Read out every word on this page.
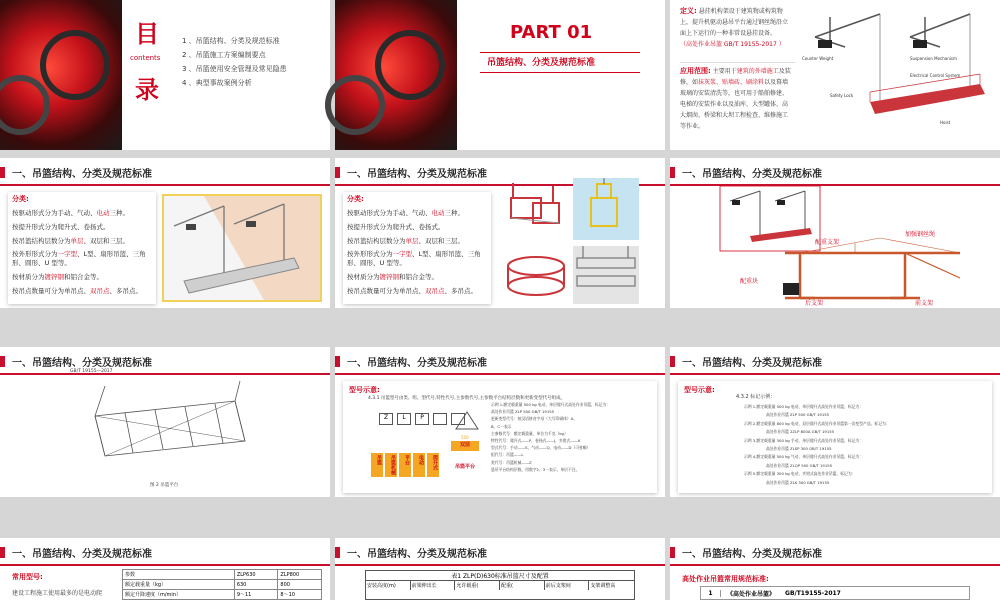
目
contents
录
1 、吊篮结构、分类及规范标准
2 、吊篮施工方案编制要点
3 、吊篮使用安全管理及常见隐患
4 、典型事故案例分析
PART 01
吊篮结构、分类及规范标准
定义: 悬挂机构架设于建筑物或构筑物上，提升机驱动悬吊平台通过钢丝绳沿立面上下运行的一种非常设悬挂设备。
（高处作业吊篮 GB/T 19155-2017 ）
应用范围: 主要用于建筑的外墙施工及装修，如抹灰浆、贴墙砖、刷涂料以及幕墙玻璃的安装清洗等，也可用于船舶修建、电梯的安装作业以及油库、大型罐体、高大烟囱、桥梁和大坝工程检查、维修施工等作业。
Counter Weight	Suspension Mechanism
Safety Lock
Electrical Control System
Hoist
一、吊篮结构、分类及规范标准
分类:
按驱动形式分为手动、气动、电动三种。
按提升形式分为爬升式、卷扬式。
按吊篮结构层数分为单层、双层和三层。
按外形形式分为一字型、L型、扇形吊篮、三角形、圆形、U 型等。
按材质分为镀锌钢和铝合金等。
按吊点数量可分为单吊点、双吊点、多吊点。
一、吊篮结构、分类及规范标准
分类:
按驱动形式分为手动、气动、电动三种。
按提升形式分为爬升式、卷扬式。
按吊篮结构层数分为单层、双层和三层。
按外形形式分为一字型、L型、扇形吊篮、三角形、圆形、U 型等。
按材质分为镀锌钢和铝合金等。
按吊点数量可分为单吊点、双吊点、多吊点。
一、吊篮结构、分类及规范标准
加强钢丝绳
配重支架
配重块
后支架	前支架
一、吊篮结构、分类及规范标准
GB/T 19155—2017
图 2 吊篮平台
一、吊篮结构、分类及规范标准
型号示意:
4.3.1 吊篮型号由类、组、型代号,特性代号,主参数代号,主参数平台结构层数和更新变型代号组成。
Z	L	P
500
吊篮	吊篮机械	平台	电动	爬升式
双层
示例 1.额定载重量 500 kg 电动，单层爬升式高处作业吊篮，标记为：
高处作业吊篮 ZLP 500 GB/T 19155
更新变型代号：按汉语拼音字母（大写印刷体）A、
B、C一表示
主参数代号：额定载重量，单位为千克（kg）
特性代号：爬升式——P，卷扬式——J，夹钳式——K
型式代号：手动——S，气动——Q，电动——D（可省略）
组代号：吊篮——L
类代号：吊篮机械——Z
悬吊平台结构层数，用数字2、3一表示，单层不注。
吊篮平台
一、吊篮结构、分类及规范标准
型号示意:
4.3.2 标记示例：
示例 1.额定载重量 500 kg 电动，单层爬升式高处作业吊篮，标记为：
高处作业吊篮 ZLP 500 GB/T 19155
示例 2.额定载重量 800 kg 电动，双层爬升式高处作业吊篮第一次变型产品，标记为：
高处作业吊篮 2ZLP 800A GB/T 19155
示例 3.额定载重量 300 kg 手动，单层爬升式高处作业吊篮，标记为：
高处作业吊篮 ZLSP 300 GB/T 19155
示例 4.额定载重量 500 kg 气动，单层爬升式高处作业吊篮，标记为：
高处作业吊篮 ZLQP 500 GB/T 19155
示例 5.额定载重量 300 kg 电动，夹钳式高处作业吊篮，标记为：
高处作业吊篮 ZLK 300 GB/T 19155
一、吊篮结构、分类及规范标准
常用型号:
建设工程施工使用最多的是电动爬
参数	ZLP630	ZLP800
额定载重量（kg）	630	800
额定升降速度（m/min）	9～11	8～10
一、吊篮结构、分类及规范标准
表1 ZLP(D)630标准吊篮尺寸及配置
安装高度(m)	前梁伸出长	允许载重(	配重(	前后支架间	支架调整高
一、吊篮结构、分类及规范标准
高处作业吊篮常用规范标准:
1	《高处作业吊篮》	GB/T19155-2017
